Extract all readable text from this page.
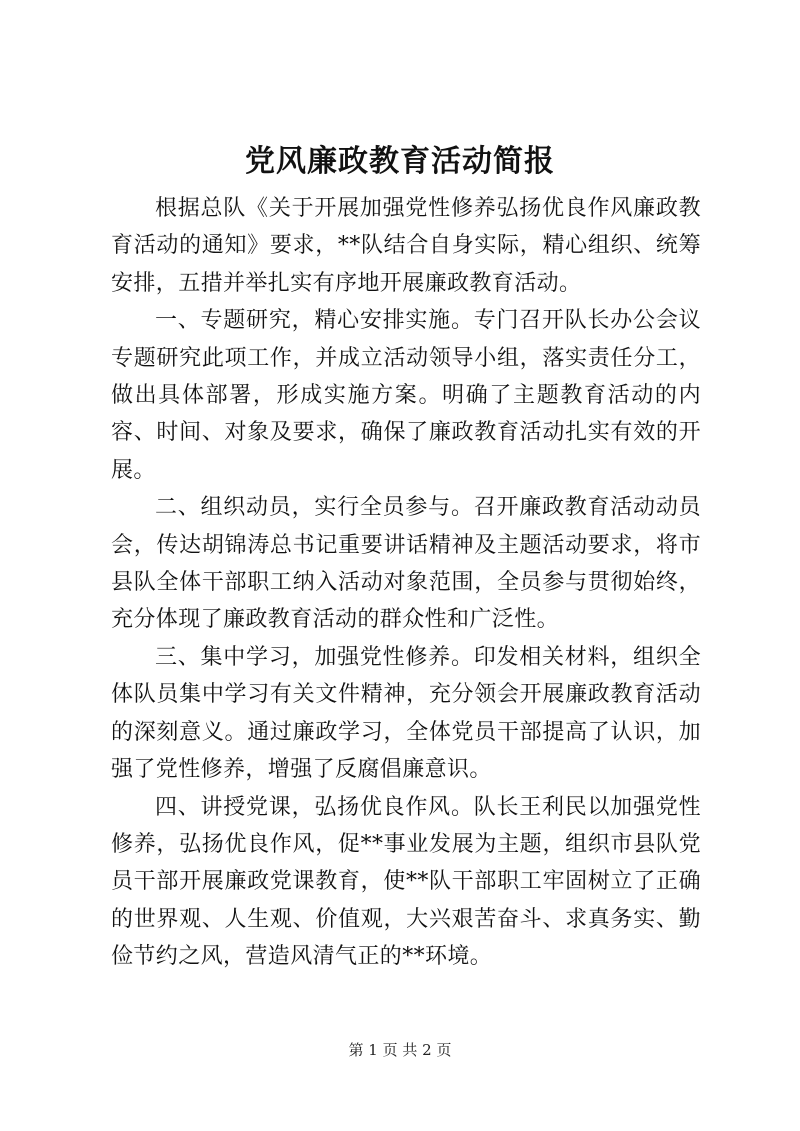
党风廉政教育活动简报

根据总队《关于开展加强党性修养弘扬优良作风廉政教育活动的通知》要求，**队结合自身实际，精心组织、统筹安排，五措并举扎实有序地开展廉政教育活动。

一、专题研究，精心安排实施。专门召开队长办公会议专题研究此项工作，并成立活动领导小组，落实责任分工，做出具体部署，形成实施方案。明确了主题教育活动的内容、时间、对象及要求，确保了廉政教育活动扎实有效的开展。

二、组织动员，实行全员参与。召开廉政教育活动动员会，传达胡锦涛总书记重要讲话精神及主题活动要求，将市县队全体干部职工纳入活动对象范围，全员参与贯彻始终，充分体现了廉政教育活动的群众性和广泛性。

三、集中学习，加强党性修养。印发相关材料，组织全体队员集中学习有关文件精神，充分领会开展廉政教育活动的深刻意义。通过廉政学习，全体党员干部提高了认识，加强了党性修养，增强了反腐倡廉意识。

四、讲授党课，弘扬优良作风。队长王利民以加强党性修养，弘扬优良作风，促**事业发展为主题，组织市县队党员干部开展廉政党课教育，使**队干部职工牢固树立了正确的世界观、人生观、价值观，大兴艰苦奋斗、求真务实、勤俭节约之风，营造风清气正的**环境。

第 1 页 共 2 页
